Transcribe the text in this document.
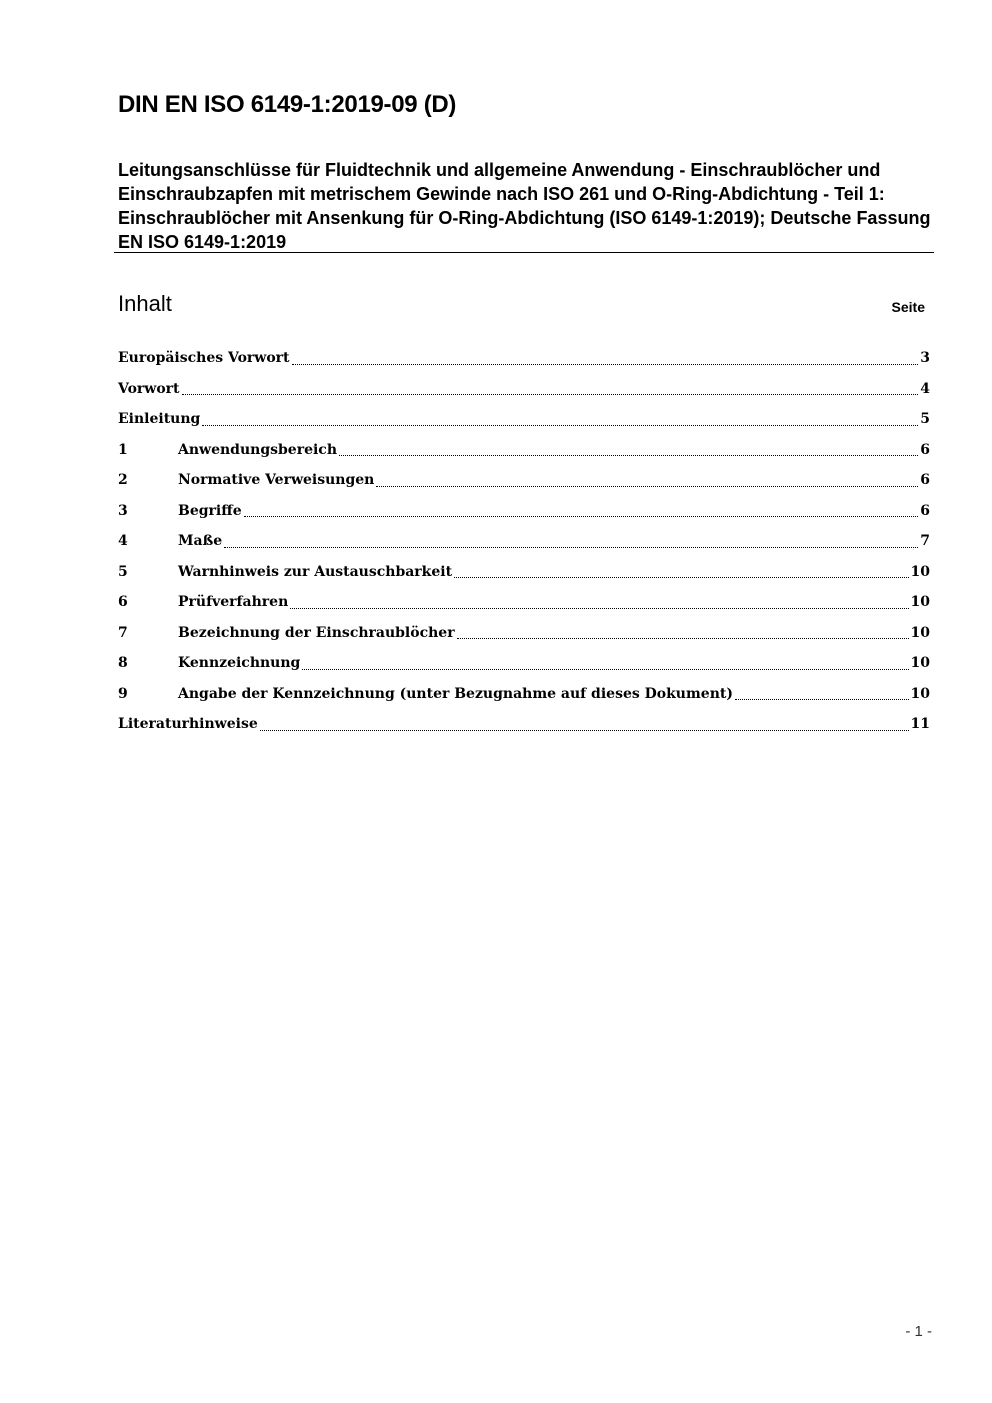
DIN EN ISO 6149-1:2019-09 (D)

Leitungsanschlüsse für Fluidtechnik und allgemeine Anwendung - Einschraublöcher und Einschraubzapfen mit metrischem Gewinde nach ISO 261 und O-Ring-Abdichtung - Teil 1: Einschraublöcher mit Ansenkung für O-Ring-Abdichtung (ISO 6149-1:2019); Deutsche Fassung EN ISO 6149-1:2019

Inhalt	Seite
Europäisches Vorwort	3
Vorwort	4
Einleitung	5
1	Anwendungsbereich	6
2	Normative Verweisungen	6
3	Begriffe	6
4	Maße	7
5	Warnhinweis zur Austauschbarkeit	10
6	Prüfverfahren	10
7	Bezeichnung der Einschraublöcher	10
8	Kennzeichnung	10
9	Angabe der Kennzeichnung (unter Bezugnahme auf dieses Dokument)	10
Literaturhinweise	11
- 1 -
